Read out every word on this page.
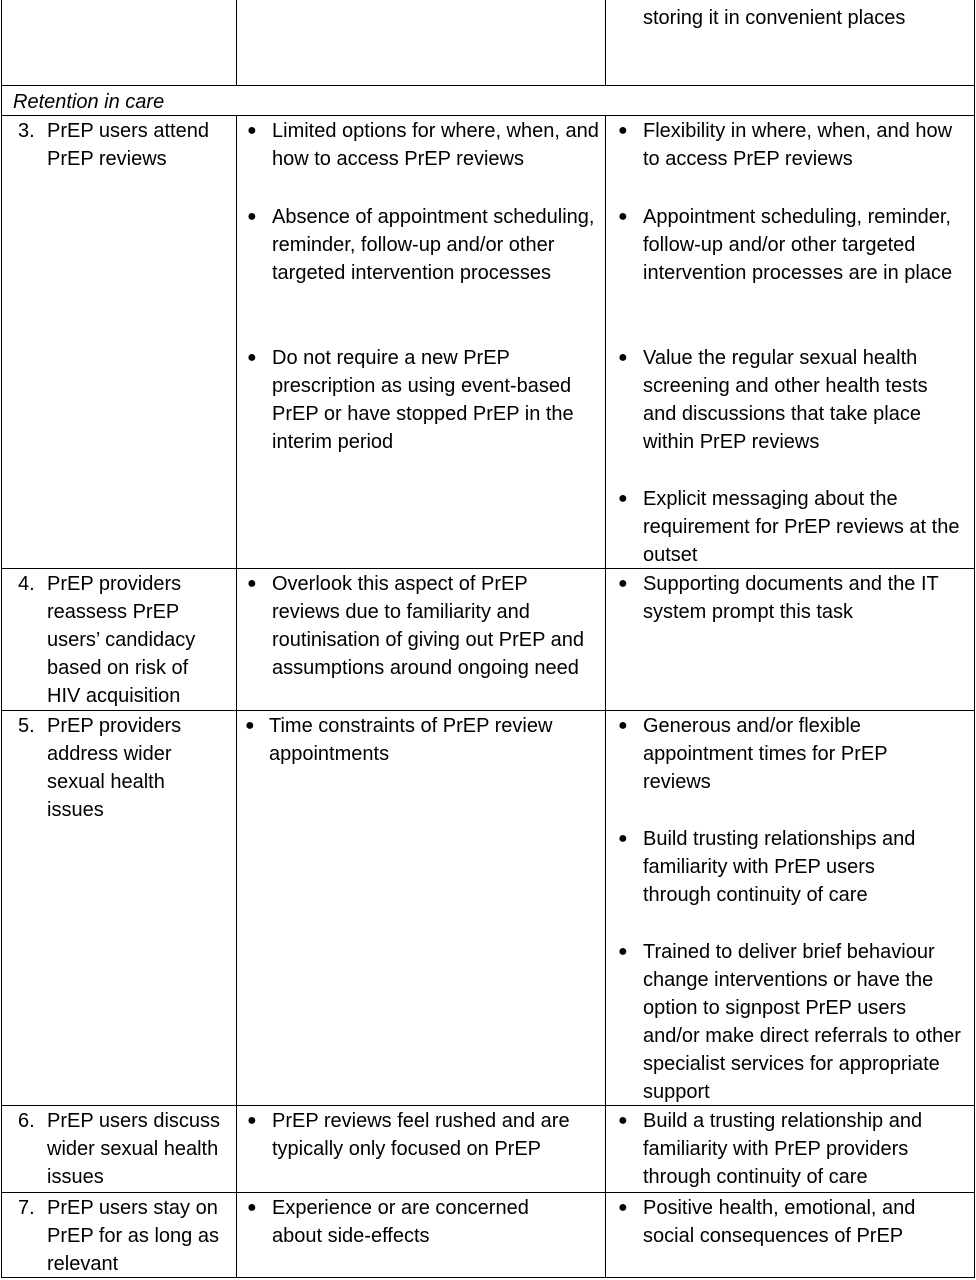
storing it in convenient places
Retention in care
3. PrEP users attend PrEP reviews
● Limited options for where, when, and how to access PrEP reviews
● Absence of appointment scheduling, reminder, follow-up and/or other targeted intervention processes
● Do not require a new PrEP prescription as using event-based PrEP or have stopped PrEP in the interim period
● Flexibility in where, when, and how to access PrEP reviews
● Appointment scheduling, reminder, follow-up and/or other targeted intervention processes are in place
● Value the regular sexual health screening and other health tests and discussions that take place within PrEP reviews
● Explicit messaging about the requirement for PrEP reviews at the outset
4. PrEP providers reassess PrEP users’ candidacy based on risk of HIV acquisition
● Overlook this aspect of PrEP reviews due to familiarity and routinisation of giving out PrEP and assumptions around ongoing need
● Supporting documents and the IT system prompt this task
5. PrEP providers address wider sexual health issues
● Time constraints of PrEP review appointments
● Generous and/or flexible appointment times for PrEP reviews
● Build trusting relationships and familiarity with PrEP users through continuity of care
● Trained to deliver brief behaviour change interventions or have the option to signpost PrEP users and/or make direct referrals to other specialist services for appropriate support
6. PrEP users discuss wider sexual health issues
● PrEP reviews feel rushed and are typically only focused on PrEP
● Build a trusting relationship and familiarity with PrEP providers through continuity of care
7. PrEP users stay on PrEP for as long as relevant
● Experience or are concerned about side-effects
● Positive health, emotional, and social consequences of PrEP
